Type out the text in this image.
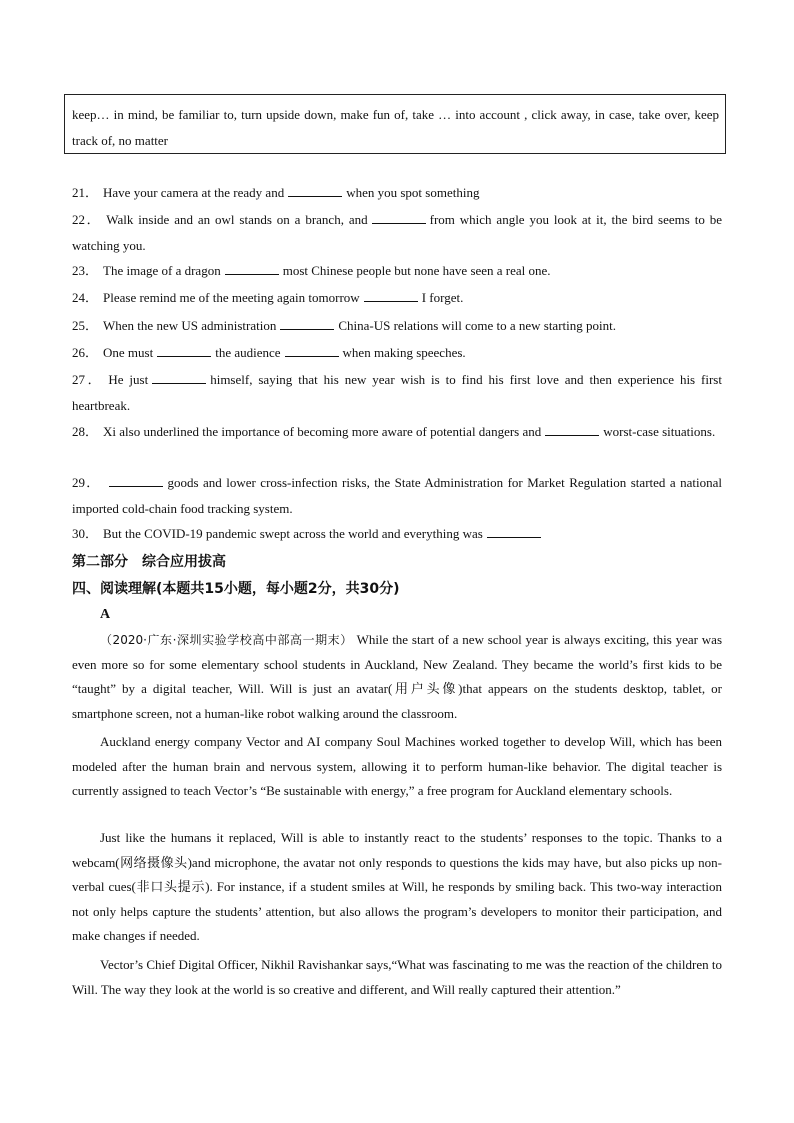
keep… in mind, be familiar to, turn upside down, make fun of, take … into account , click away, in case, take over, keep track of, no matter
21． Have your camera at the ready and	when you spot something
22． Walk inside and an owl stands on a branch, and	from which angle you look at it, the bird seems to be watching you.
23． The image of a dragon	most Chinese people but none have seen a real one.
24． Please remind me of the meeting again tomorrow	I forget.
25． When the new US administration	China-US relations will come to a new starting point.
26． One must	the audience	when making speeches.
27． He just	himself, saying that his new year wish is to find his first love and then experience his first heartbreak.
28． Xi also underlined the importance of becoming more aware of potential dangers and	worst-case situations.
29．	goods and lower cross-infection risks, the State Administration for Market Regulation started a national imported cold-chain food tracking system.
30． But the COVID-19 pandemic swept across the world and everything was
第二部分　综合应用拔高
四、阅读理解(本题共15小题，每小题2分，共30分)
A
（2020·广东·深圳实验学校高中部高一期末） While the start of a new school year is always exciting, this year was even more so for some elementary school students in Auckland, New Zealand. They became the world’s first kids to be “taught” by a digital teacher, Will. Will is just an avatar(用户头像)that appears on the students desktop, tablet, or smartphone screen, not a human-like robot walking around the classroom.
Auckland energy company Vector and AI company Soul Machines worked together to develop Will, which has been modeled after the human brain and nervous system, allowing it to perform human-like behavior. The digital teacher is currently assigned to teach Vector’s “Be sustainable with energy,” a free program for Auckland elementary schools.
Just like the humans it replaced, Will is able to instantly react to the students’ responses to the topic. Thanks to a webcam(网络摄像头)and microphone, the avatar not only responds to questions the kids may have, but also picks up non-verbal cues(非口头提示). For instance, if a student smiles at Will, he responds by smiling back. This two-way interaction not only helps capture the students’ attention, but also allows the program’s developers to monitor their participation, and make changes if needed.
Vector’s Chief Digital Officer, Nikhil Ravishankar says,“What was fascinating to me was the reaction of the children to Will. The way they look at the world is so creative and different, and Will really captured their attention.”
